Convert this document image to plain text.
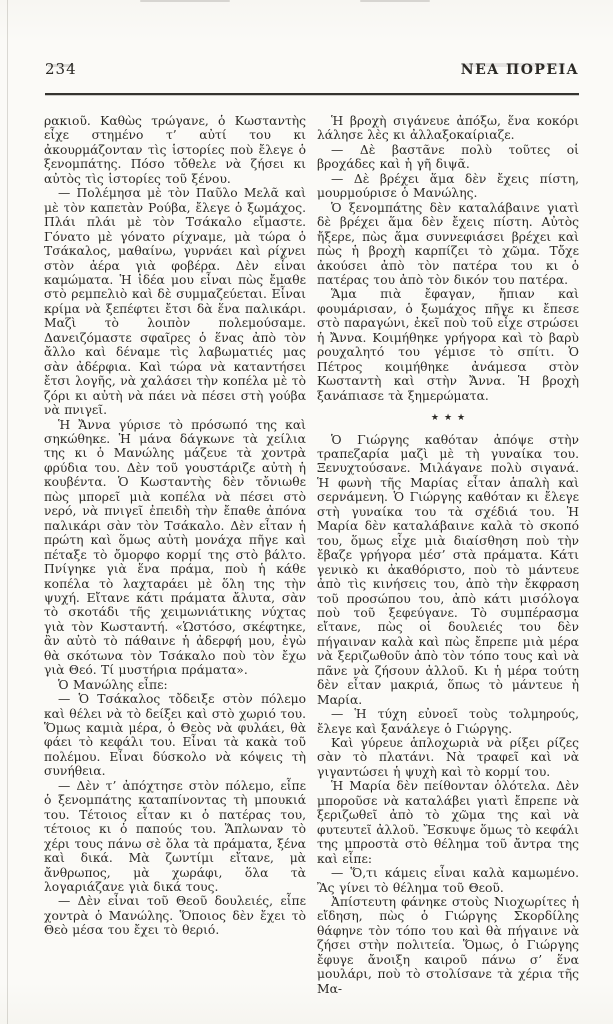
234	ΝΕΑ ΠΟΡΕΙΑ

ρακιοῦ. Καθὼς τρώγανε, ὁ Κωσταντὴς εἶχε στημένο τ’ αὐτί του κι ἀκουρμάζονταν τὶς ἱστορίες ποὺ ἔλεγε ὁ ξενομπάτης. Πόσο τὄθελε νὰ ζήσει κι αὐτὸς τὶς ἱστορίες τοῦ ξένου.

— Πολέμησα μὲ τὸν Παῦλο Μελᾶ καὶ μὲ τὸν καπετὰν Ρούβα, ἔλεγε ὁ ξωμάχος. Πλάι πλάι μὲ τὸν Τσάκαλο εἴμαστε. Γόνατο μὲ γόνατο ρίχναμε, μὰ τώρα ὁ Τσάκαλος, μαθαίνω, γυρνάει καὶ ρίχνει στὸν ἀέρα γιὰ φοβέρα. Δὲν εἶναι καμώματα. Ἡ ἰδέα μου εἶναι πὼς ἔμαθε στὸ ρεμπελιὸ καὶ δὲ συμμαζεύεται. Εἶναι κρίμα νὰ ξεπέφτει ἔτσι δὰ ἕνα παλικάρι. Μαζὶ τὸ λοιπὸν πολεμούσαμε. Δανειζόμαστε σφαῖρες ὁ ἕνας ἀπὸ τὸν ἄλλο καὶ δέναμε τὶς λαβωματιές μας σὰν ἀδέρφια. Καὶ τώρα νὰ καταντήσει ἔτσι λογῆς, νὰ χαλάσει τὴν κοπέλα μὲ τὸ ζόρι κι αὐτὴ νὰ πάει νὰ πέσει στὴ γούβα νὰ πνιγεῖ.

Ἡ Ἄννα γύρισε τὸ πρόσωπό της καὶ σηκώθηκε. Ἡ μάνα δάγκωνε τὰ χείλια της κι ὁ Μανώλης μάζευε τὰ χοντρὰ φρύδια του. Δὲν τοῦ γουστάριζε αὐτὴ ἡ κουβέντα. Ὁ Κωσταντὴς δὲν τὄνιωθε πὼς μπορεῖ μιὰ κοπέλα νὰ πέσει στὸ νερό, νὰ πνιγεῖ ἐπειδὴ τὴν ἔπαθε ἀπόνα παλικάρι σὰν τὸν Τσάκαλο. Δὲν εἶταν ἡ πρώτη καὶ ὅμως αὐτὴ μονάχα πῆγε καὶ πέταξε τὸ ὄμορφο κορμί της στὸ βάλτο. Πνίγηκε γιὰ ἕνα πράμα, ποὺ ἡ κάθε κοπέλα τὸ λαχταράει μὲ ὅλη της τὴν ψυχή. Εἴτανε κάτι πράματα ἄλυτα, σὰν τὸ σκοτάδι τῆς χειμωνιάτικης νύχτας γιὰ τὸν Κωσταντή. «Ὡστόσο, σκέφτηκε, ἂν αὐτὸ τὸ πάθαινε ἡ ἀδερφή μου, ἐγὼ θὰ σκότωνα τὸν Τσάκαλο ποὺ τὸν ἔχω γιὰ Θεό. Τί μυστήρια πράματα».

Ὁ Μανώλης εἶπε:

— Ὁ Τσάκαλος τὄδειξε στὸν πόλεμο καὶ θέλει νὰ τὸ δείξει καὶ στὸ χωριό του. Ὅμως καμιὰ μέρα, ὁ Θεὸς νὰ φυλάει, θὰ φάει τὸ κεφάλι του. Εἶναι τὰ κακὰ τοῦ πολέμου. Εἶναι δύσκολο νὰ κόψεις τὴ συνήθεια.

— Δὲν τ’ ἀπόχτησε στὸν πόλεμο, εἶπε ὁ ξενομπάτης καταπίνοντας τὴ μπουκιά του. Τέτοιος εἶταν κι ὁ πατέρας του, τέτοιος κι ὁ παπούς του. Ἅπλωναν τὸ χέρι τους πάνω σὲ ὅλα τὰ πράματα, ξένα καὶ δικά. Μὰ ζωντίμι εἴτανε, μὰ ἄνθρωπος, μὰ χωράφι, ὅλα τὰ λογαριάζανε γιὰ δικά τους.

— Δὲν εἶναι τοῦ Θεοῦ δουλειές, εἶπε χοντρὰ ὁ Μανώλης. Ὅποιος δὲν ἔχει τὸ Θεὸ μέσα του ἔχει τὸ θεριό.

Ἡ βροχὴ σιγάνευε ἀπόξω, ἕνα κοκόρι λάλησε λὲς κι ἀλλαξοκαίριαζε.

— Δὲ βαστᾶνε πολὺ τοῦτες οἱ βροχάδες καὶ ἡ γῆ διψᾶ.

— Δὲ βρέχει ἅμα δὲν ἔχεις πίστη, μουρμούρισε ὁ Μανώλης.

Ὁ ξενομπάτης δὲν καταλάβαινε γιατὶ δὲ βρέχει ἅμα δὲν ἔχεις πίστη. Αὐτὸς ἤξερε, πὼς ἅμα συννεφιάσει βρέχει καὶ πὼς ἡ βροχὴ καρπίζει τὸ χῶμα. Τὄχε ἀκούσει ἀπὸ τὸν πατέρα του κι ὁ πατέρας του ἀπὸ τὸν δικόν του πατέρα.

Ἅμα πιὰ ἔφαγαν, ἤπιαν καὶ φουμάρισαν, ὁ ξωμάχος πῆγε κι ἔπεσε στὸ παραγώνι, ἐκεῖ ποὺ τοῦ εἶχε στρώσει ἡ Ἄννα. Κοιμήθηκε γρήγορα καὶ τὸ βαρὺ ρουχαλητό του γέμισε τὸ σπίτι. Ὁ Πέτρος κοιμήθηκε ἀνάμεσα στὸν Κωσταντὴ καὶ στὴν Ἄννα. Ἡ βροχὴ ξανάπιασε τὰ ξημερώματα.

★★★

Ὁ Γιώργης καθόταν ἀπόψε στὴν τραπεζαρία μαζὶ μὲ τὴ γυναίκα του. Ξενυχτούσανε. Μιλάγανε πολὺ σιγανά. Ἡ φωνὴ τῆς Μαρίας εἶταν ἁπαλὴ καὶ σερνάμενη. Ὁ Γιώργης καθόταν κι ἔλεγε στὴ γυναίκα του τὰ σχέδιά του. Ἡ Μαρία δὲν καταλάβαινε καλὰ τὸ σκοπό του, ὅμως εἶχε μιὰ διαίσθηση ποὺ τὴν ἔβαζε γρήγορα μέσ’ στὰ πράματα. Κάτι γενικὸ κι ἀκαθόριστο, ποὺ τὸ μάντευε ἀπὸ τὶς κινήσεις του, ἀπὸ τὴν ἔκφραση τοῦ προσώπου του, ἀπὸ κάτι μισόλογα ποὺ τοῦ ξεφεύγανε. Τὸ συμπέρασμα εἴτανε, πὼς οἱ δουλειές του δὲν πήγαιναν καλὰ καὶ πὼς ἔπρεπε μιὰ μέρα νὰ ξεριζωθοῦν ἀπὸ τὸν τόπο τους καὶ νὰ πᾶνε νὰ ζήσουν ἀλλοῦ. Κι ἡ μέρα τούτη δὲν εἶταν μακριά, ὅπως τὸ μάντευε ἡ Μαρία.

— Ἡ τύχη εὐνοεῖ τοὺς τολμηρούς, ἔλεγε καὶ ξανάλεγε ὁ Γιώργης.

Καὶ γύρευε ἁπλοχωριὰ νὰ ρίξει ρίζες σὰν τὸ πλατάνι. Νὰ τραφεῖ καὶ νὰ γιγαντώσει ἡ ψυχὴ καὶ τὸ κορμί του.

Ἡ Μαρία δὲν πείθονταν ὁλότελα. Δὲν μποροῦσε νὰ καταλάβει γιατὶ ἔπρεπε νὰ ξεριζωθεῖ ἀπὸ τὸ χῶμα της καὶ νὰ φυτευτεῖ ἀλλοῦ. Ἔσκυψε ὅμως τὸ κεφάλι της μπροστὰ στὸ θέλημα τοῦ ἄντρα της καὶ εἶπε:

— Ὅ,τι κάμεις εἶναι καλὰ καμωμένο. Ἂς γίνει τὸ θέλημα τοῦ Θεοῦ.

Ἀπίστευτη φάνηκε στοὺς Νιοχωρίτες ἡ εἴδηση, πὼς ὁ Γιώργης Σκορδίλης θάφηνε τὸν τόπο του καὶ θὰ πήγαινε νὰ ζήσει στὴν πολιτεία. Ὅμως, ὁ Γιώργης ἔφυγε ἄνοιξη καιροῦ πάνω σ’ ἕνα μουλάρι, ποὺ τὸ στολίσανε τὰ χέρια τῆς Μα-
